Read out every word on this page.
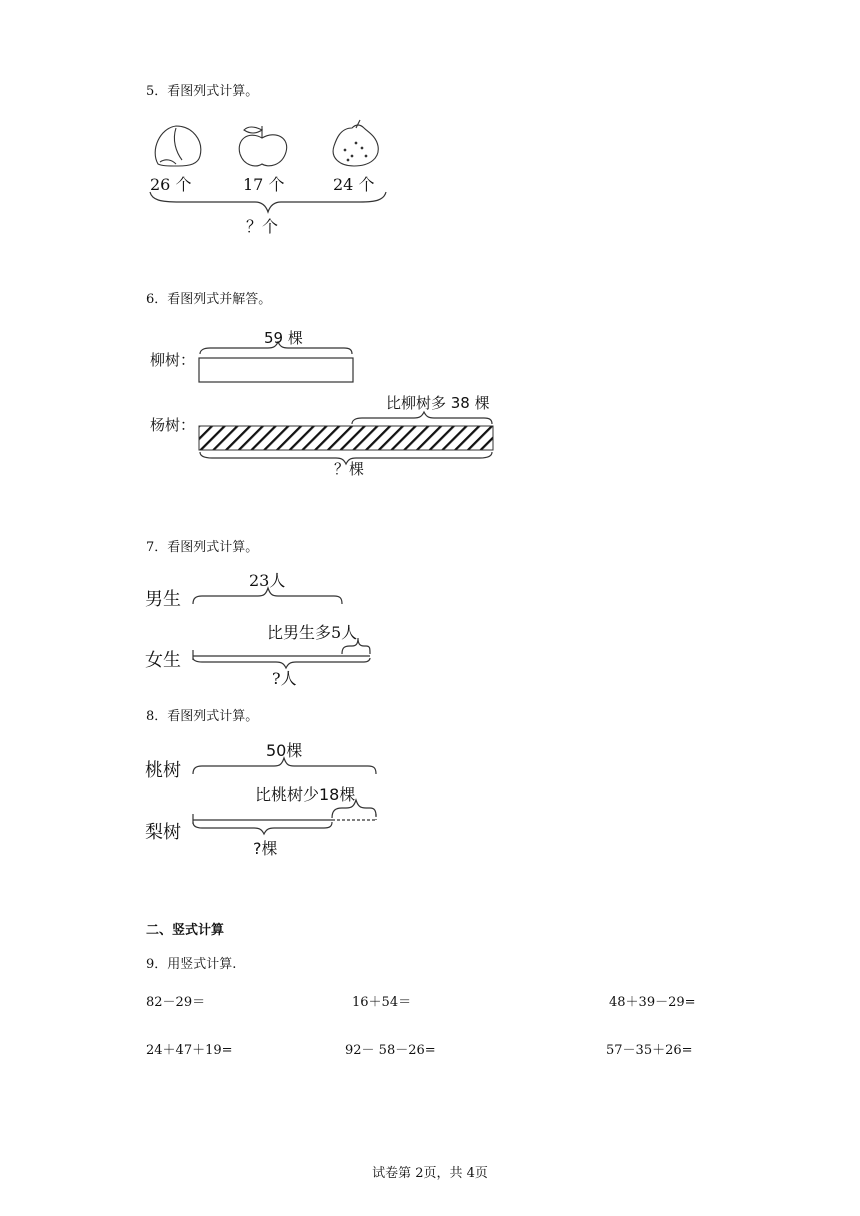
5．看图列式计算。
26 个	17 个	24 个
？个
6．看图列式并解答。
59 棵
柳树：
比柳树多 38 棵
杨树：
？棵
7．看图列式计算。
23人
男生
比男生多5人
女生
?人
8．看图列式计算。
50棵
桃树
比桃树少18棵
梨树
?棵
二、竖式计算
9．用竖式计算.
82－29＝	16＋54＝	48＋39－29=
24＋47＋19=	92－ 58－26=	57－35＋26=
试卷第 2页，共 4页
